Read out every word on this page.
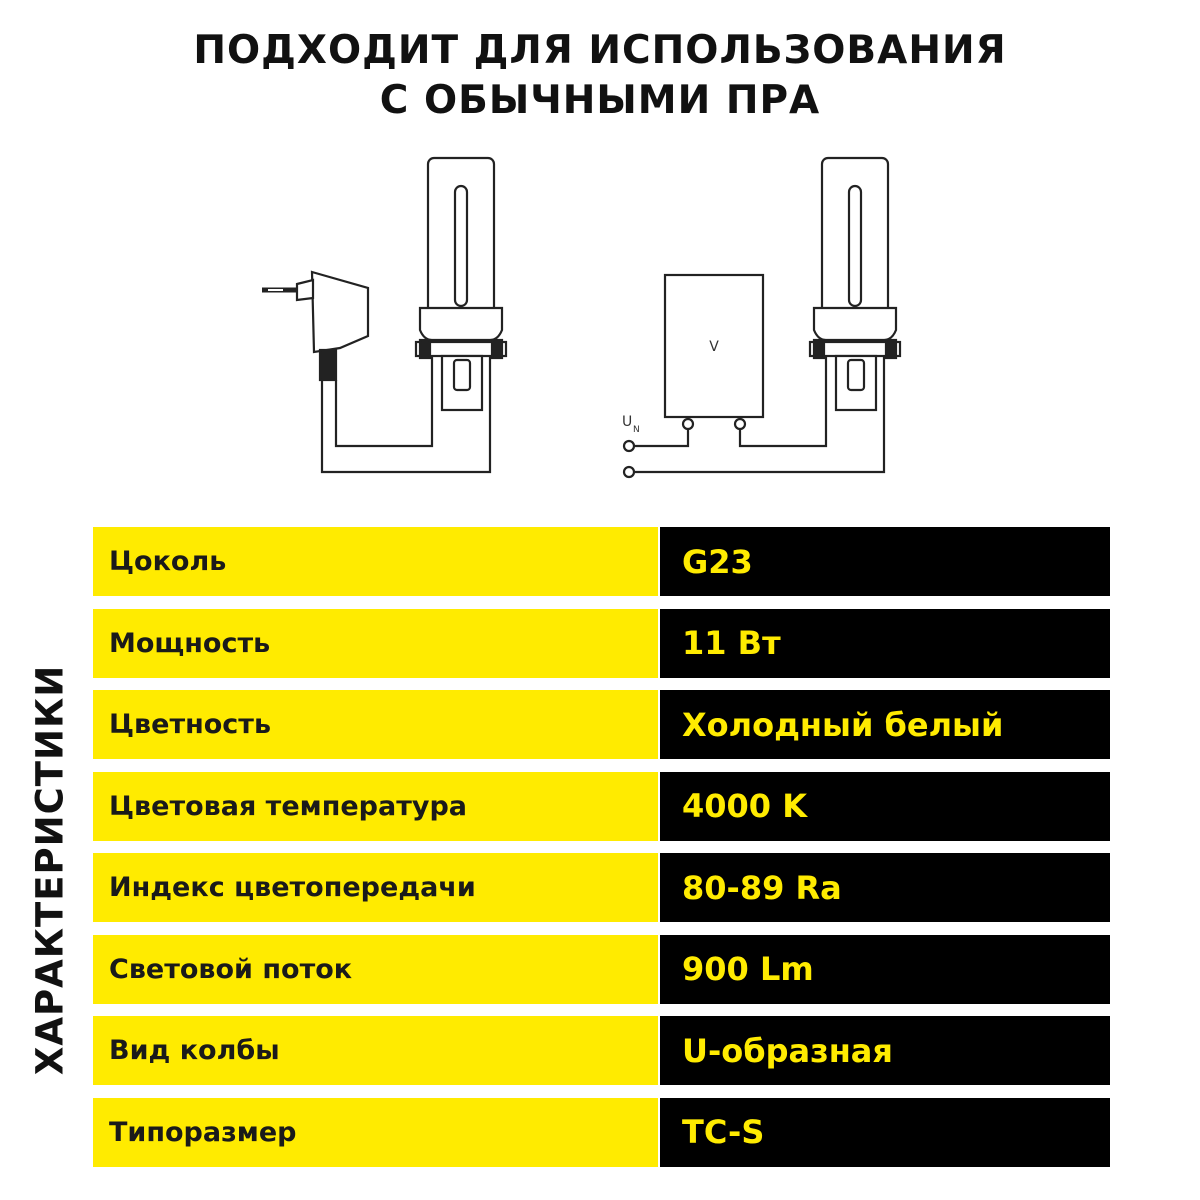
ПОДХОДИТ ДЛЯ ИСПОЛЬЗОВАНИЯ
С ОБЫЧНЫМИ ПРА
V
U N
ХАРАКТЕРИСТИКИ
Цоколь	G23
Мощность	11 Вт
Цветность	Холодный белый
Цветовая температура	4000 K
Индекс цветопередачи	80-89 Ra
Световой поток	900 Lm
Вид колбы	U-образная
Типоразмер	TC-S
